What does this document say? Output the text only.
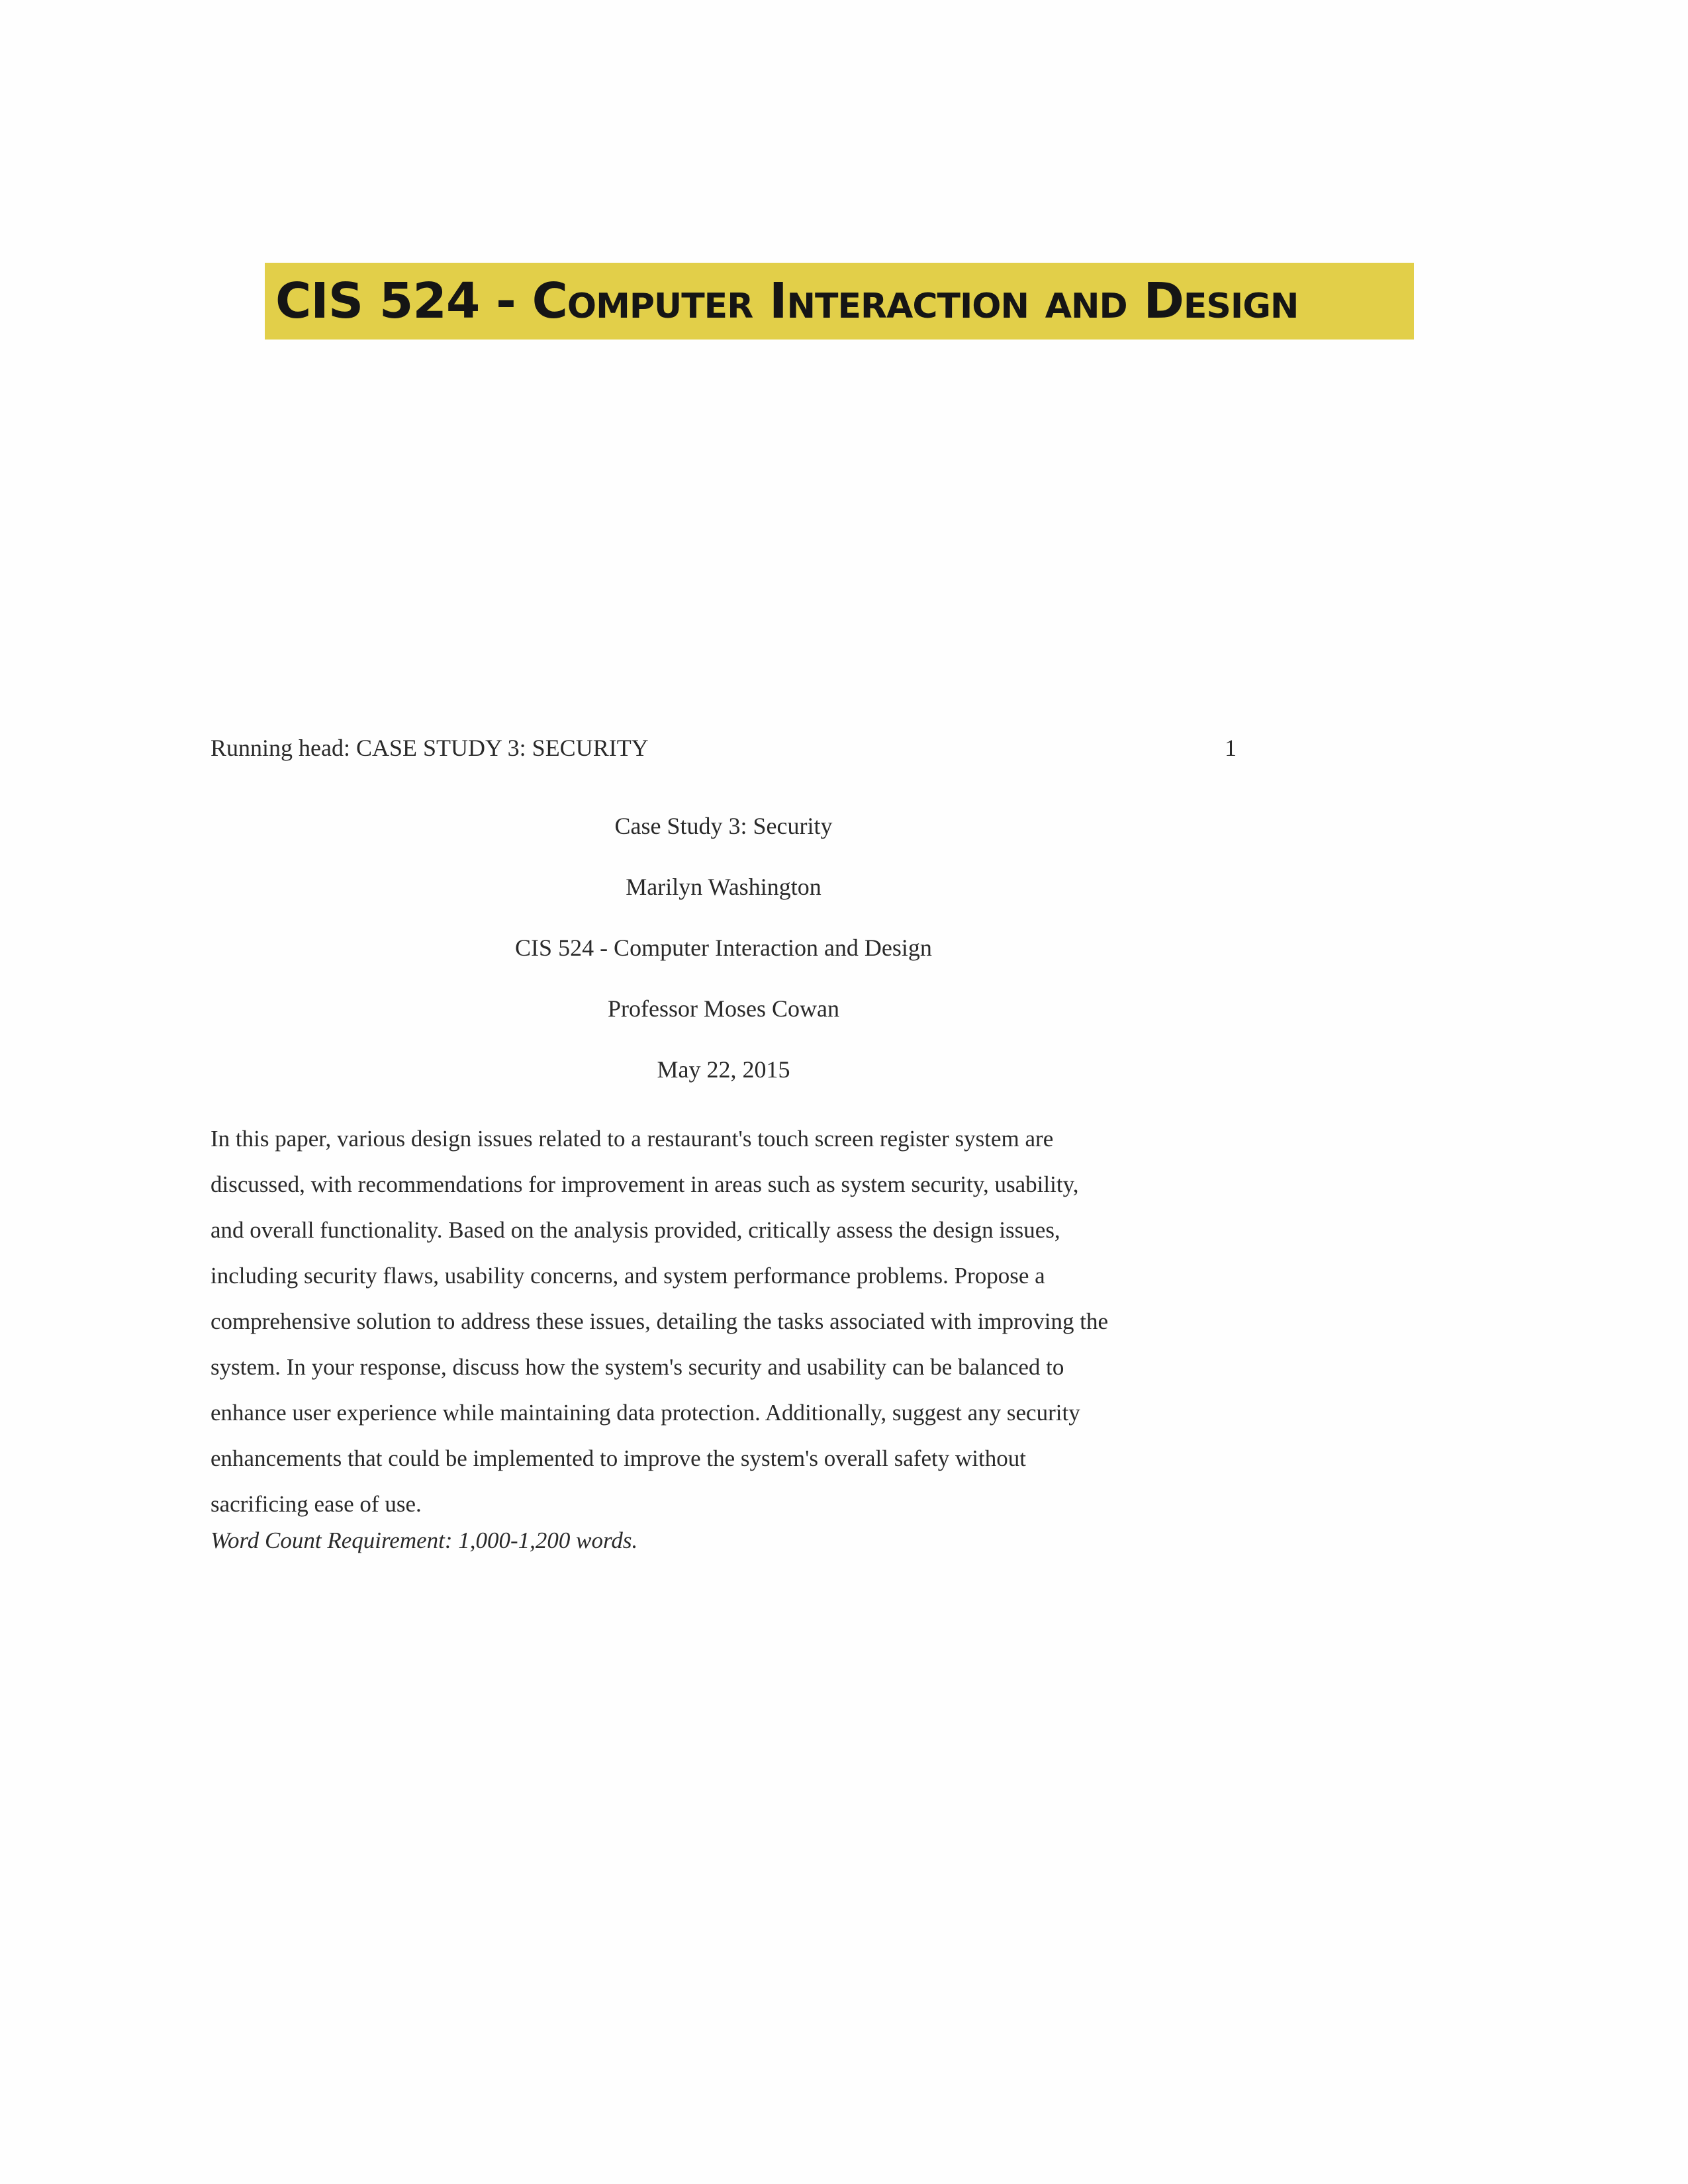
CIS 524 - Computer Interaction and Design
Running head: CASE STUDY 3: SECURITY	1
Case Study 3: Security
Marilyn Washington
CIS 524 - Computer Interaction and Design
Professor Moses Cowan
May 22, 2015
In this paper, various design issues related to a restaurant's touch screen register system are
discussed, with recommendations for improvement in areas such as system security, usability,
and overall functionality. Based on the analysis provided, critically assess the design issues,
including security flaws, usability concerns, and system performance problems. Propose a
comprehensive solution to address these issues, detailing the tasks associated with improving the
system. In your response, discuss how the system's security and usability can be balanced to
enhance user experience while maintaining data protection. Additionally, suggest any security
enhancements that could be implemented to improve the system's overall safety without
sacrificing ease of use.
Word Count Requirement: 1,000-1,200 words.
